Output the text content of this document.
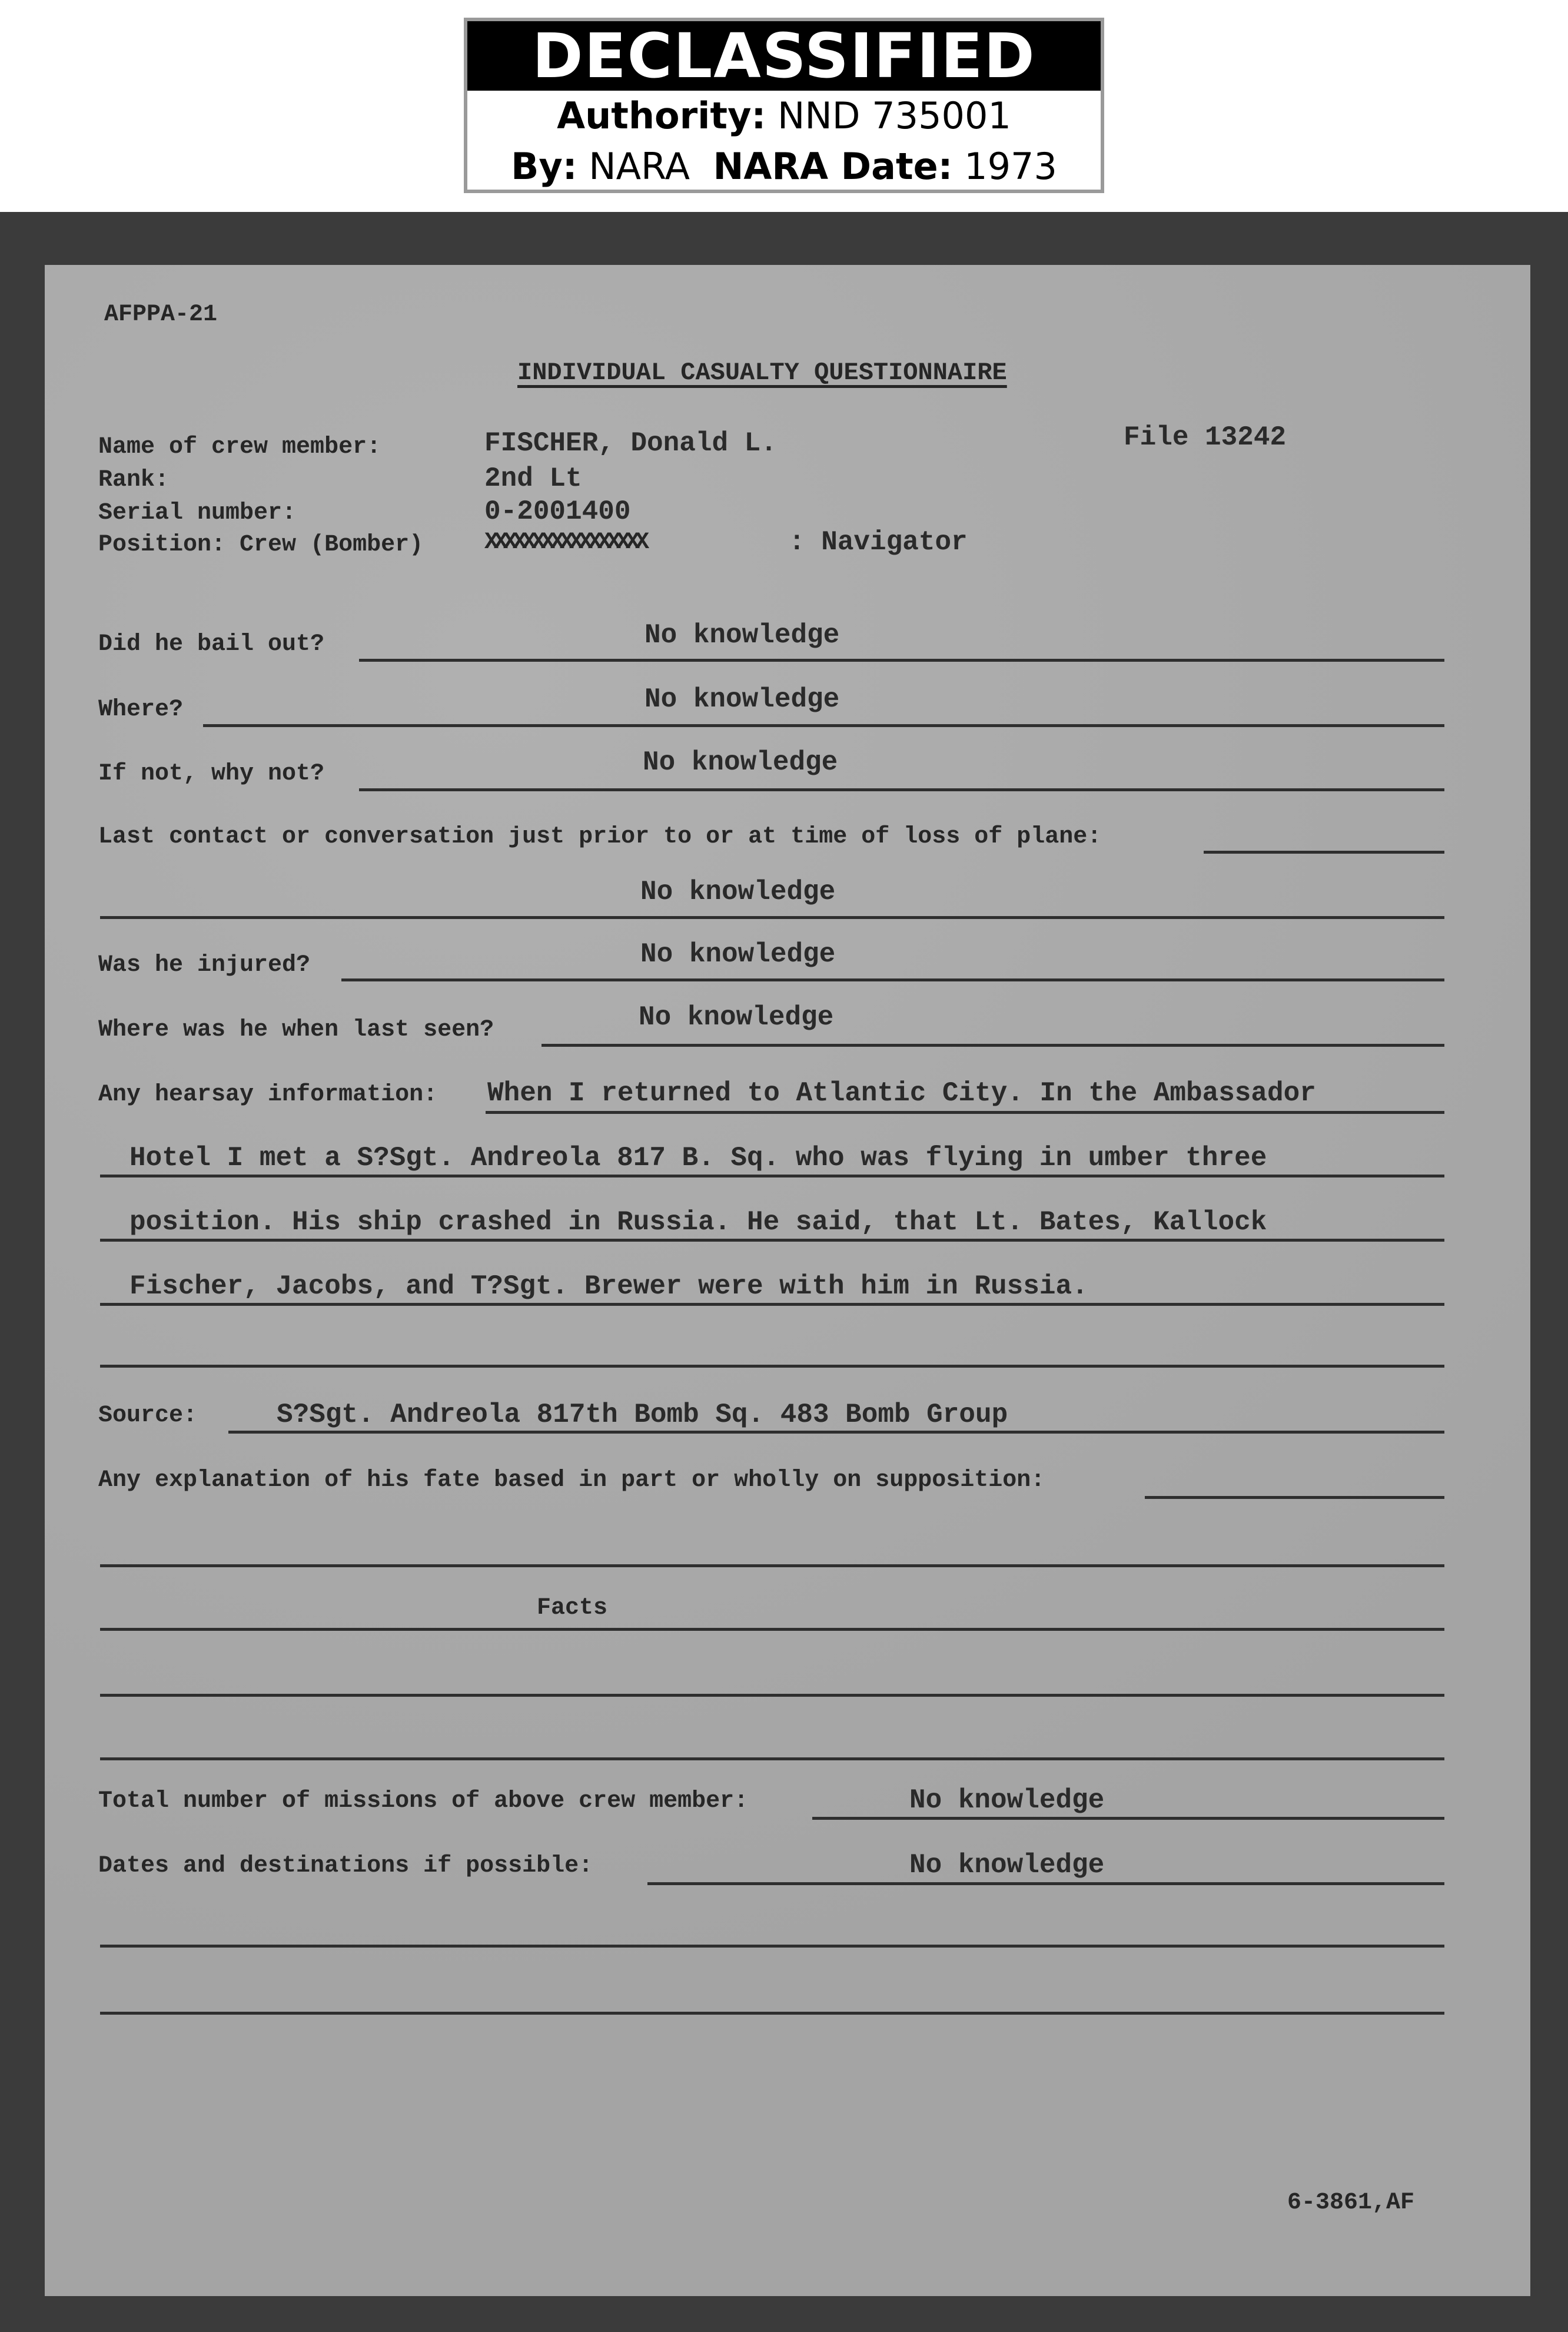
DECLASSIFIED
Authority: NND 735001
By: NARA NARA Date: 1973
AFPPA-21
INDIVIDUAL CASUALTY QUESTIONNAIRE
File 13242
Name of crew member:	FISCHER, Donald L.
Rank:	2nd Lt
Serial number:	0-2001400
Position: Crew (Bomber)	XXXXXXXXXXXXXXXXX	: Navigator
Did he bail out?	No knowledge
Where?	No knowledge
If not, why not?	No knowledge
Last contact or conversation just prior to or at time of loss of plane:
No knowledge
Was he injured?	No knowledge
Where was he when last seen?	No knowledge
Any hearsay information: When I returned to Atlantic City. In the Ambassador
Hotel I met a S?Sgt. Andreola 817 B. Sq. who was flying in umber three
position. His ship crashed in Russia. He said, that Lt. Bates, Kallock
Fischer, Jacobs, and T?Sgt. Brewer were with him in Russia.
Source:	S?Sgt. Andreola 817th Bomb Sq. 483 Bomb Group
Any explanation of his fate based in part or wholly on supposition:
Facts
Total number of missions of above crew member:	No knowledge
Dates and destinations if possible:	No knowledge
6-3861,AF
